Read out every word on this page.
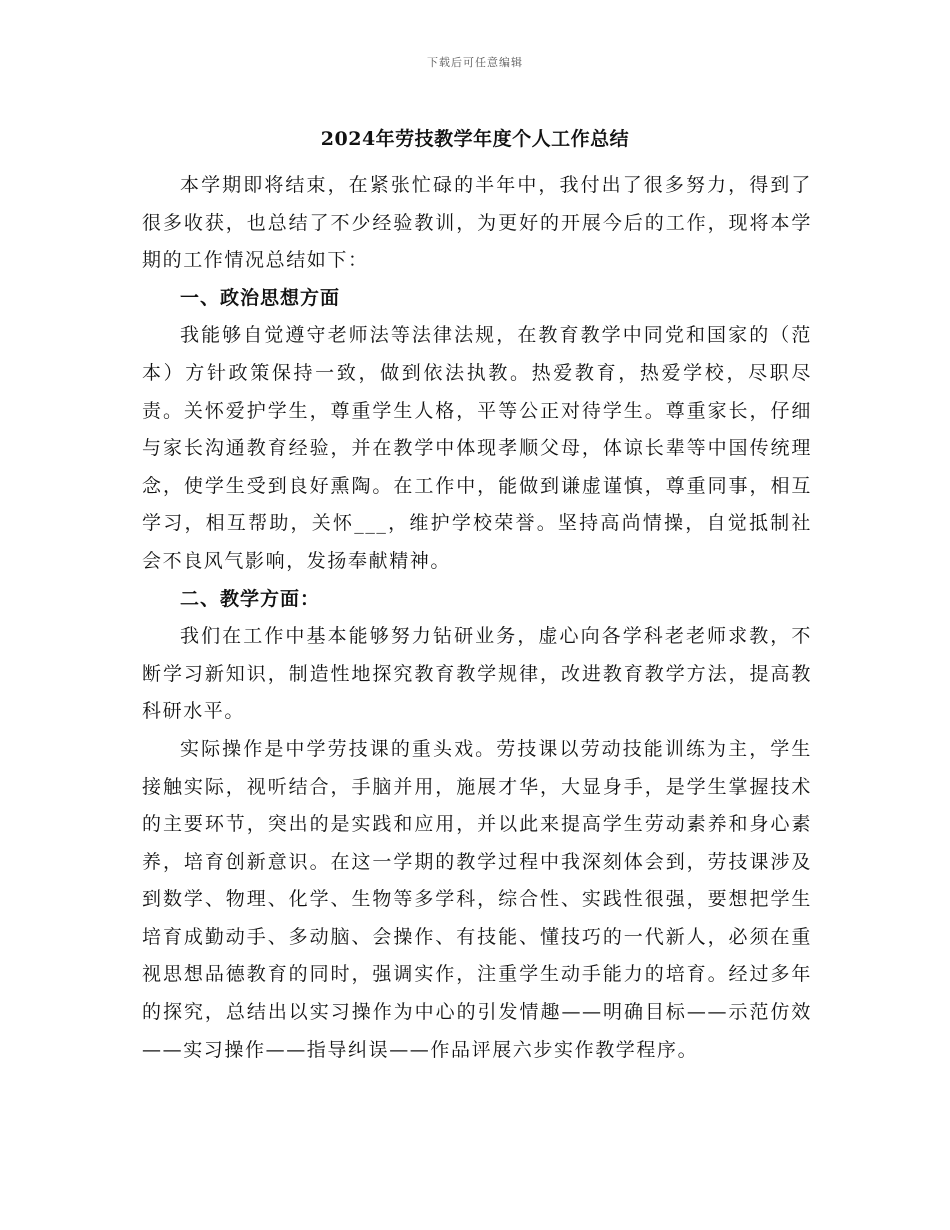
下载后可任意编辑
2024年劳技教学年度个人工作总结

本学期即将结束，在紧张忙碌的半年中，我付出了很多努力，得到了很多收获，也总结了不少经验教训，为更好的开展今后的工作，现将本学期的工作情况总结如下：

一、政治思想方面

我能够自觉遵守老师法等法律法规，在教育教学中同党和国家的（范本）方针政策保持一致，做到依法执教。热爱教育，热爱学校，尽职尽责。关怀爱护学生，尊重学生人格，平等公正对待学生。尊重家长，仔细与家长沟通教育经验，并在教学中体现孝顺父母，体谅长辈等中国传统理念，使学生受到良好熏陶。在工作中，能做到谦虚谨慎，尊重同事，相互学习，相互帮助，关怀___，维护学校荣誉。坚持高尚情操，自觉抵制社会不良风气影响，发扬奉献精神。

二、教学方面：

我们在工作中基本能够努力钻研业务，虚心向各学科老老师求教，不断学习新知识，制造性地探究教育教学规律，改进教育教学方法，提高教科研水平。

实际操作是中学劳技课的重头戏。劳技课以劳动技能训练为主，学生接触实际，视听结合，手脑并用，施展才华，大显身手，是学生掌握技术的主要环节，突出的是实践和应用，并以此来提高学生劳动素养和身心素养，培育创新意识。在这一学期的教学过程中我深刻体会到，劳技课涉及到数学、物理、化学、生物等多学科，综合性、实践性很强，要想把学生培育成勤动手、多动脑、会操作、有技能、懂技巧的一代新人，必须在重视思想品德教育的同时，强调实作，注重学生动手能力的培育。经过多年的探究，总结出以实习操作为中心的引发情趣——明确目标——示范仿效——实习操作——指导纠误——作品评展六步实作教学程序。
